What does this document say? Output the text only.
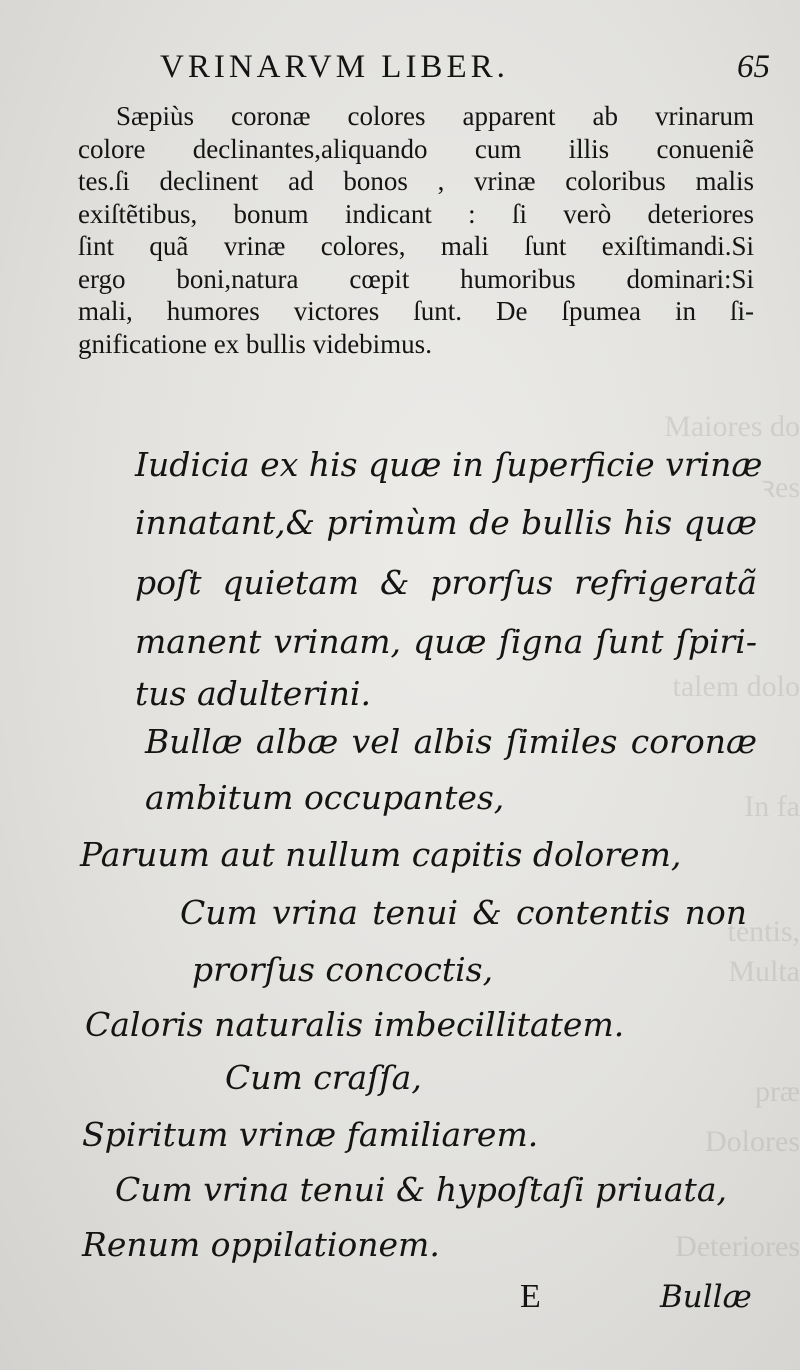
Maiores do
ꝛes
talem dolo
In fa
tentis,
Multa
præ
Dolores
Deteriores
VRINARVM LIBER.	65
Sæpiùs coronæ colores apparent ab vrinarum
colore declinantes,aliquando cum illis conueniẽ
tes.ſi declinent ad bonos , vrinæ coloribus malis
exiſtẽtibus, bonum indicant : ſi verò deteriores
ſint quã vrinæ colores, mali ſunt exiſtimandi.Si
ergo boni,natura cœpit humoribus dominari:Si
mali, humores victores ſunt. De ſpumea in ſi-
gnificatione ex bullis videbimus.
Iudicia ex his quæ in ſuperficie vrinæ
innatant,& primùm de bullis his quæ
poſt quietam & prorſus refrigeratã
manent vrinam, quæ ſigna ſunt ſpiri-
tus adulterini.
Bullæ albæ vel albis ſimiles coronæ
ambitum occupantes,
Paruum aut nullum capitis dolorem,
Cum vrina tenui & contentis non
prorſus concoctis,
Caloris naturalis imbecillitatem.
Cum craſſa,
Spiritum vrinæ familiarem.
Cum vrina tenui & hypoſtaſi priuata,
Renum oppilationem.
E	Bullæ
